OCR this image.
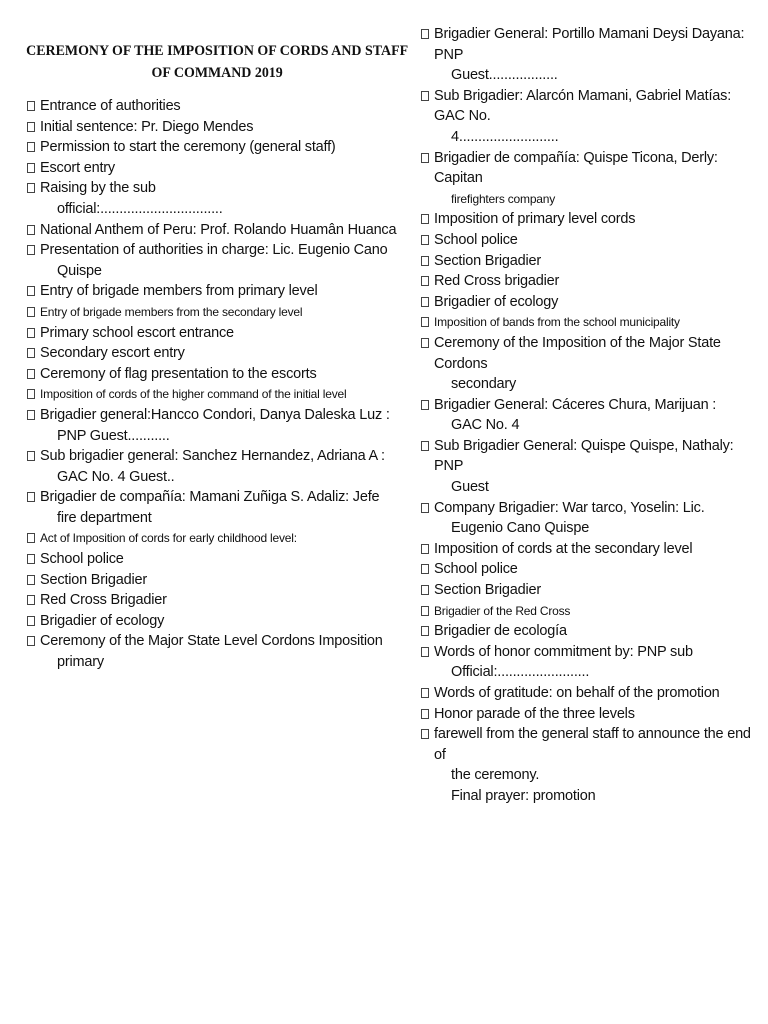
CEREMONY OF THE IMPOSITION OF CORDS AND STAFF
OF COMMAND 2019
Entrance of authorities
Initial sentence: Pr. Diego Mendes
Permission to start the ceremony (general staff)
Escort entry
Raising by the sub
official:................................
National Anthem of Peru: Prof. Rolando Huamân Huanca
Presentation of authorities in charge: Lic. Eugenio Cano
Quispe
Entry of brigade members from primary level
Entry of brigade members from the secondary level
Primary school escort entrance
Secondary escort entry
Ceremony of flag presentation to the escorts
Imposition of cords of the higher command of the initial level
Brigadier general:Hancco Condori, Danya Daleska Luz :
PNP Guest...........
Sub brigadier general: Sanchez Hernandez, Adriana A :
GAC No. 4 Guest..
Brigadier de compañía: Mamani Zuñiga S. Adaliz: Jefe
fire department
Act of Imposition of cords for early childhood level:
School police
Section Brigadier
Red Cross Brigadier
Brigadier of ecology
Ceremony of the Major State Level Cordons Imposition
primary
Brigadier General: Portillo Mamani Deysi Dayana: PNP
Guest..................
Sub Brigadier: Alarcón Mamani, Gabriel Matías: GAC No.
4..........................
Brigadier de compañía: Quispe Ticona, Derly: Capitan
firefighters company
Imposition of primary level cords
School police
Section Brigadier
Red Cross brigadier
Brigadier of ecology
Imposition of bands from the school municipality
Ceremony of the Imposition of the Major State Cordons
secondary
Brigadier General: Cáceres Chura, Marijuan :
GAC No. 4
Sub Brigadier General: Quispe Quispe, Nathaly: PNP
Guest
Company Brigadier: War tarco, Yoselin: Lic.
Eugenio Cano Quispe
Imposition of cords at the secondary level
School police
Section Brigadier
Brigadier of the Red Cross
Brigadier de ecología
Words of honor commitment by: PNP sub
Official:........................
Words of gratitude: on behalf of the promotion
Honor parade of the three levels
farewell from the general staff to announce the end of
the ceremony.
Final prayer: promotion
